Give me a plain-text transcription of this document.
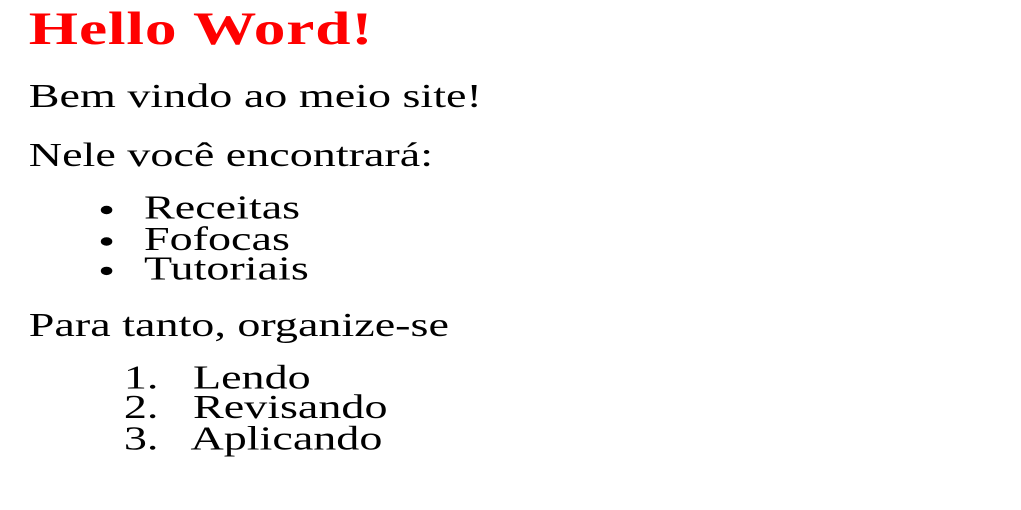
Hello Word!

Bem vindo ao meio site!

Nele você encontrará:

• Receitas
• Fofocas
• Tutoriais

Para tanto, organize-se

1. Lendo
2. Revisando
3. Aplicando
